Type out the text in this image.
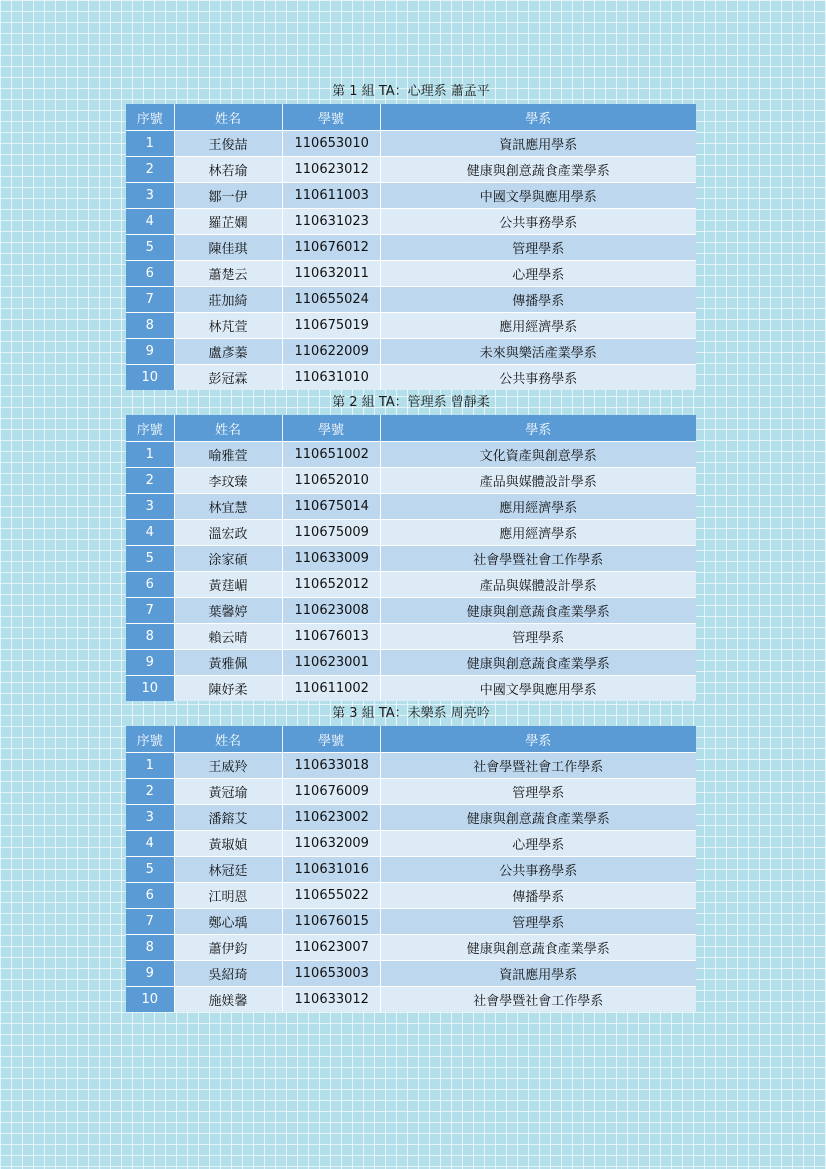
第 1 組 TA：心理系 蕭孟平
序號	姓名	學號	學系
1	王俊喆	110653010	資訊應用學系
2	林若瑜	110623012	健康與創意蔬食產業學系
3	鄒一伊	110611003	中國文學與應用學系
4	羅芷嫻	110631023	公共事務學系
5	陳佳琪	110676012	管理學系
6	蕭楚云	110632011	心理學系
7	莊加綺	110655024	傳播學系
8	林芃萱	110675019	應用經濟學系
9	盧彥蓁	110622009	未來與樂活產業學系
10	彭冠霖	110631010	公共事務學系
第 2 組 TA：管理系 曾靜柔
序號	姓名	學號	學系
1	喻雅萱	110651002	文化資產與創意學系
2	李玟臻	110652010	產品與媒體設計學系
3	林宜慧	110675014	應用經濟學系
4	溫宏政	110675009	應用經濟學系
5	涂家碩	110633009	社會學暨社會工作學系
6	黃莛嵋	110652012	產品與媒體設計學系
7	葉馨婷	110623008	健康與創意蔬食產業學系
8	賴云晴	110676013	管理學系
9	黃雅佩	110623001	健康與創意蔬食產業學系
10	陳妤柔	110611002	中國文學與應用學系
第 3 組 TA：未樂系 周亮吟
序號	姓名	學號	學系
1	王威羚	110633018	社會學暨社會工作學系
2	黃冠瑜	110676009	管理學系
3	潘鎔艾	110623002	健康與創意蔬食產業學系
4	黃琡媜	110632009	心理學系
5	林冠廷	110631016	公共事務學系
6	江明恩	110655022	傳播學系
7	鄭心瑀	110676015	管理學系
8	蕭伊鈞	110623007	健康與創意蔬食產業學系
9	吳紹琦	110653003	資訊應用學系
10	施媄馨	110633012	社會學暨社會工作學系
